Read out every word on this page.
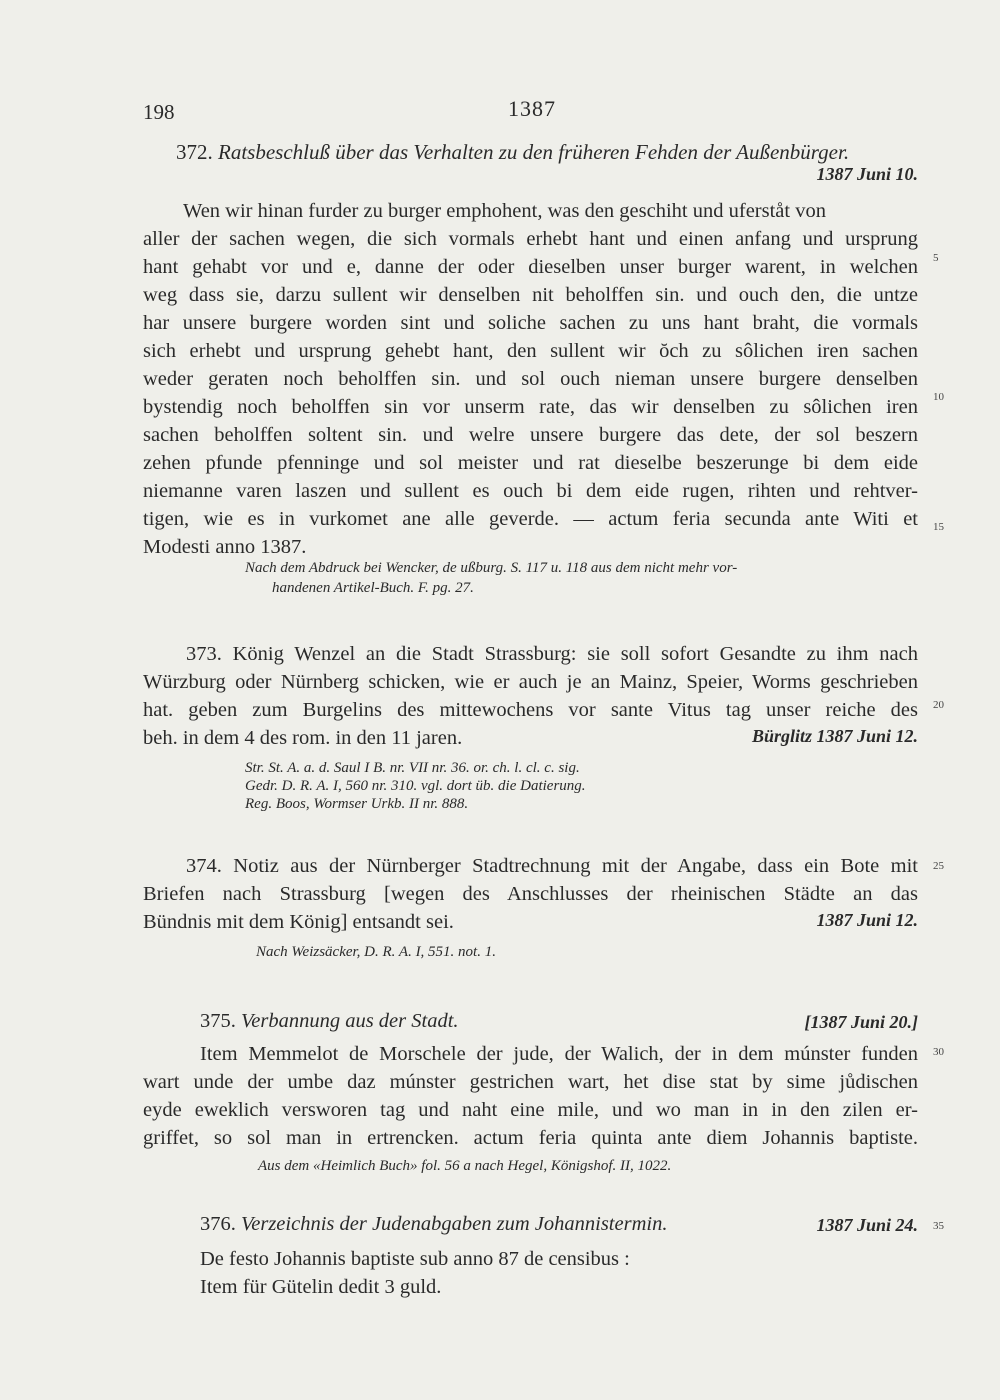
198	1387
372. Ratsbeschluß über das Verhalten zu den früheren Fehden der Außenbürger.
1387 Juni 10.
Wen wir hinan furder zu burger emphohent, was den geschiht und uferståt von
aller der sachen wegen, die sich vormals erhebt hant und einen anfang und ursprung
hant gehabt vor und e, danne der oder dieselben unser burger warent, in welchen
weg dass sie, darzu sullent wir denselben nit beholffen sin. und ouch den, die untze
har unsere burgere worden sint und soliche sachen zu uns hant braht, die vormals
sich erhebt und ursprung gehebt hant, den sullent wir ŏch zu sôlichen iren sachen
weder geraten noch beholffen sin. und sol ouch nieman unsere burgere denselben
bystendig noch beholffen sin vor unserm rate, das wir denselben zu sôlichen iren
sachen beholffen soltent sin. und welre unsere burgere das dete, der sol beszern
zehen pfunde pfenninge und sol meister und rat dieselbe beszerunge bi dem eide
niemanne varen laszen und sullent es ouch bi dem eide rugen, rihten und rehtver-
tigen, wie es in vurkomet ane alle geverde. — actum feria secunda ante Witi et
Modesti anno 1387.
Nach dem Abdruck bei Wencker, de ußburg. S. 117 u. 118 aus dem nicht mehr vor-
handenen Artikel-Buch. F. pg. 27.
373. König Wenzel an die Stadt Strassburg: sie soll sofort Gesandte zu ihm nach
Würzburg oder Nürnberg schicken, wie er auch je an Mainz, Speier, Worms geschrieben
hat. geben zum Burgelins des mittewochens vor sante Vitus tag unser reiche des
beh. in dem 4 des rom. in den 11 jaren.	Bürglitz 1387 Juni 12.
Str. St. A. a. d. Saul I B. nr. VII nr. 36. or. ch. l. cl. c. sig.
Gedr. D. R. A. I, 560 nr. 310. vgl. dort üb. die Datierung.
Reg. Boos, Wormser Urkb. II nr. 888.
374. Notiz aus der Nürnberger Stadtrechnung mit der Angabe, dass ein Bote mit
Briefen nach Strassburg [wegen des Anschlusses der rheinischen Städte an das
Bündnis mit dem König] entsandt sei.	1387 Juni 12.
Nach Weizsäcker, D. R. A. I, 551. not. 1.
375. Verbannung aus der Stadt.	[1387 Juni 20.]
Item Memmelot de Morschele der jude, der Walich, der in dem múnster funden
wart unde der umbe daz múnster gestrichen wart, het dise stat by sime jůdischen
eyde eweklich versworen tag und naht eine mile, und wo man in in den zilen er-
griffet, so sol man in ertrencken. actum feria quinta ante diem Johannis baptiste.
Aus dem «Heimlich Buch» fol. 56 a nach Hegel, Königshof. II, 1022.
376. Verzeichnis der Judenabgaben zum Johannistermin.	1387 Juni 24.
De festo Johannis baptiste sub anno 87 de censibus :
Item für Gütelin dedit 3 guld.
5
10
15
20
25
30
35
